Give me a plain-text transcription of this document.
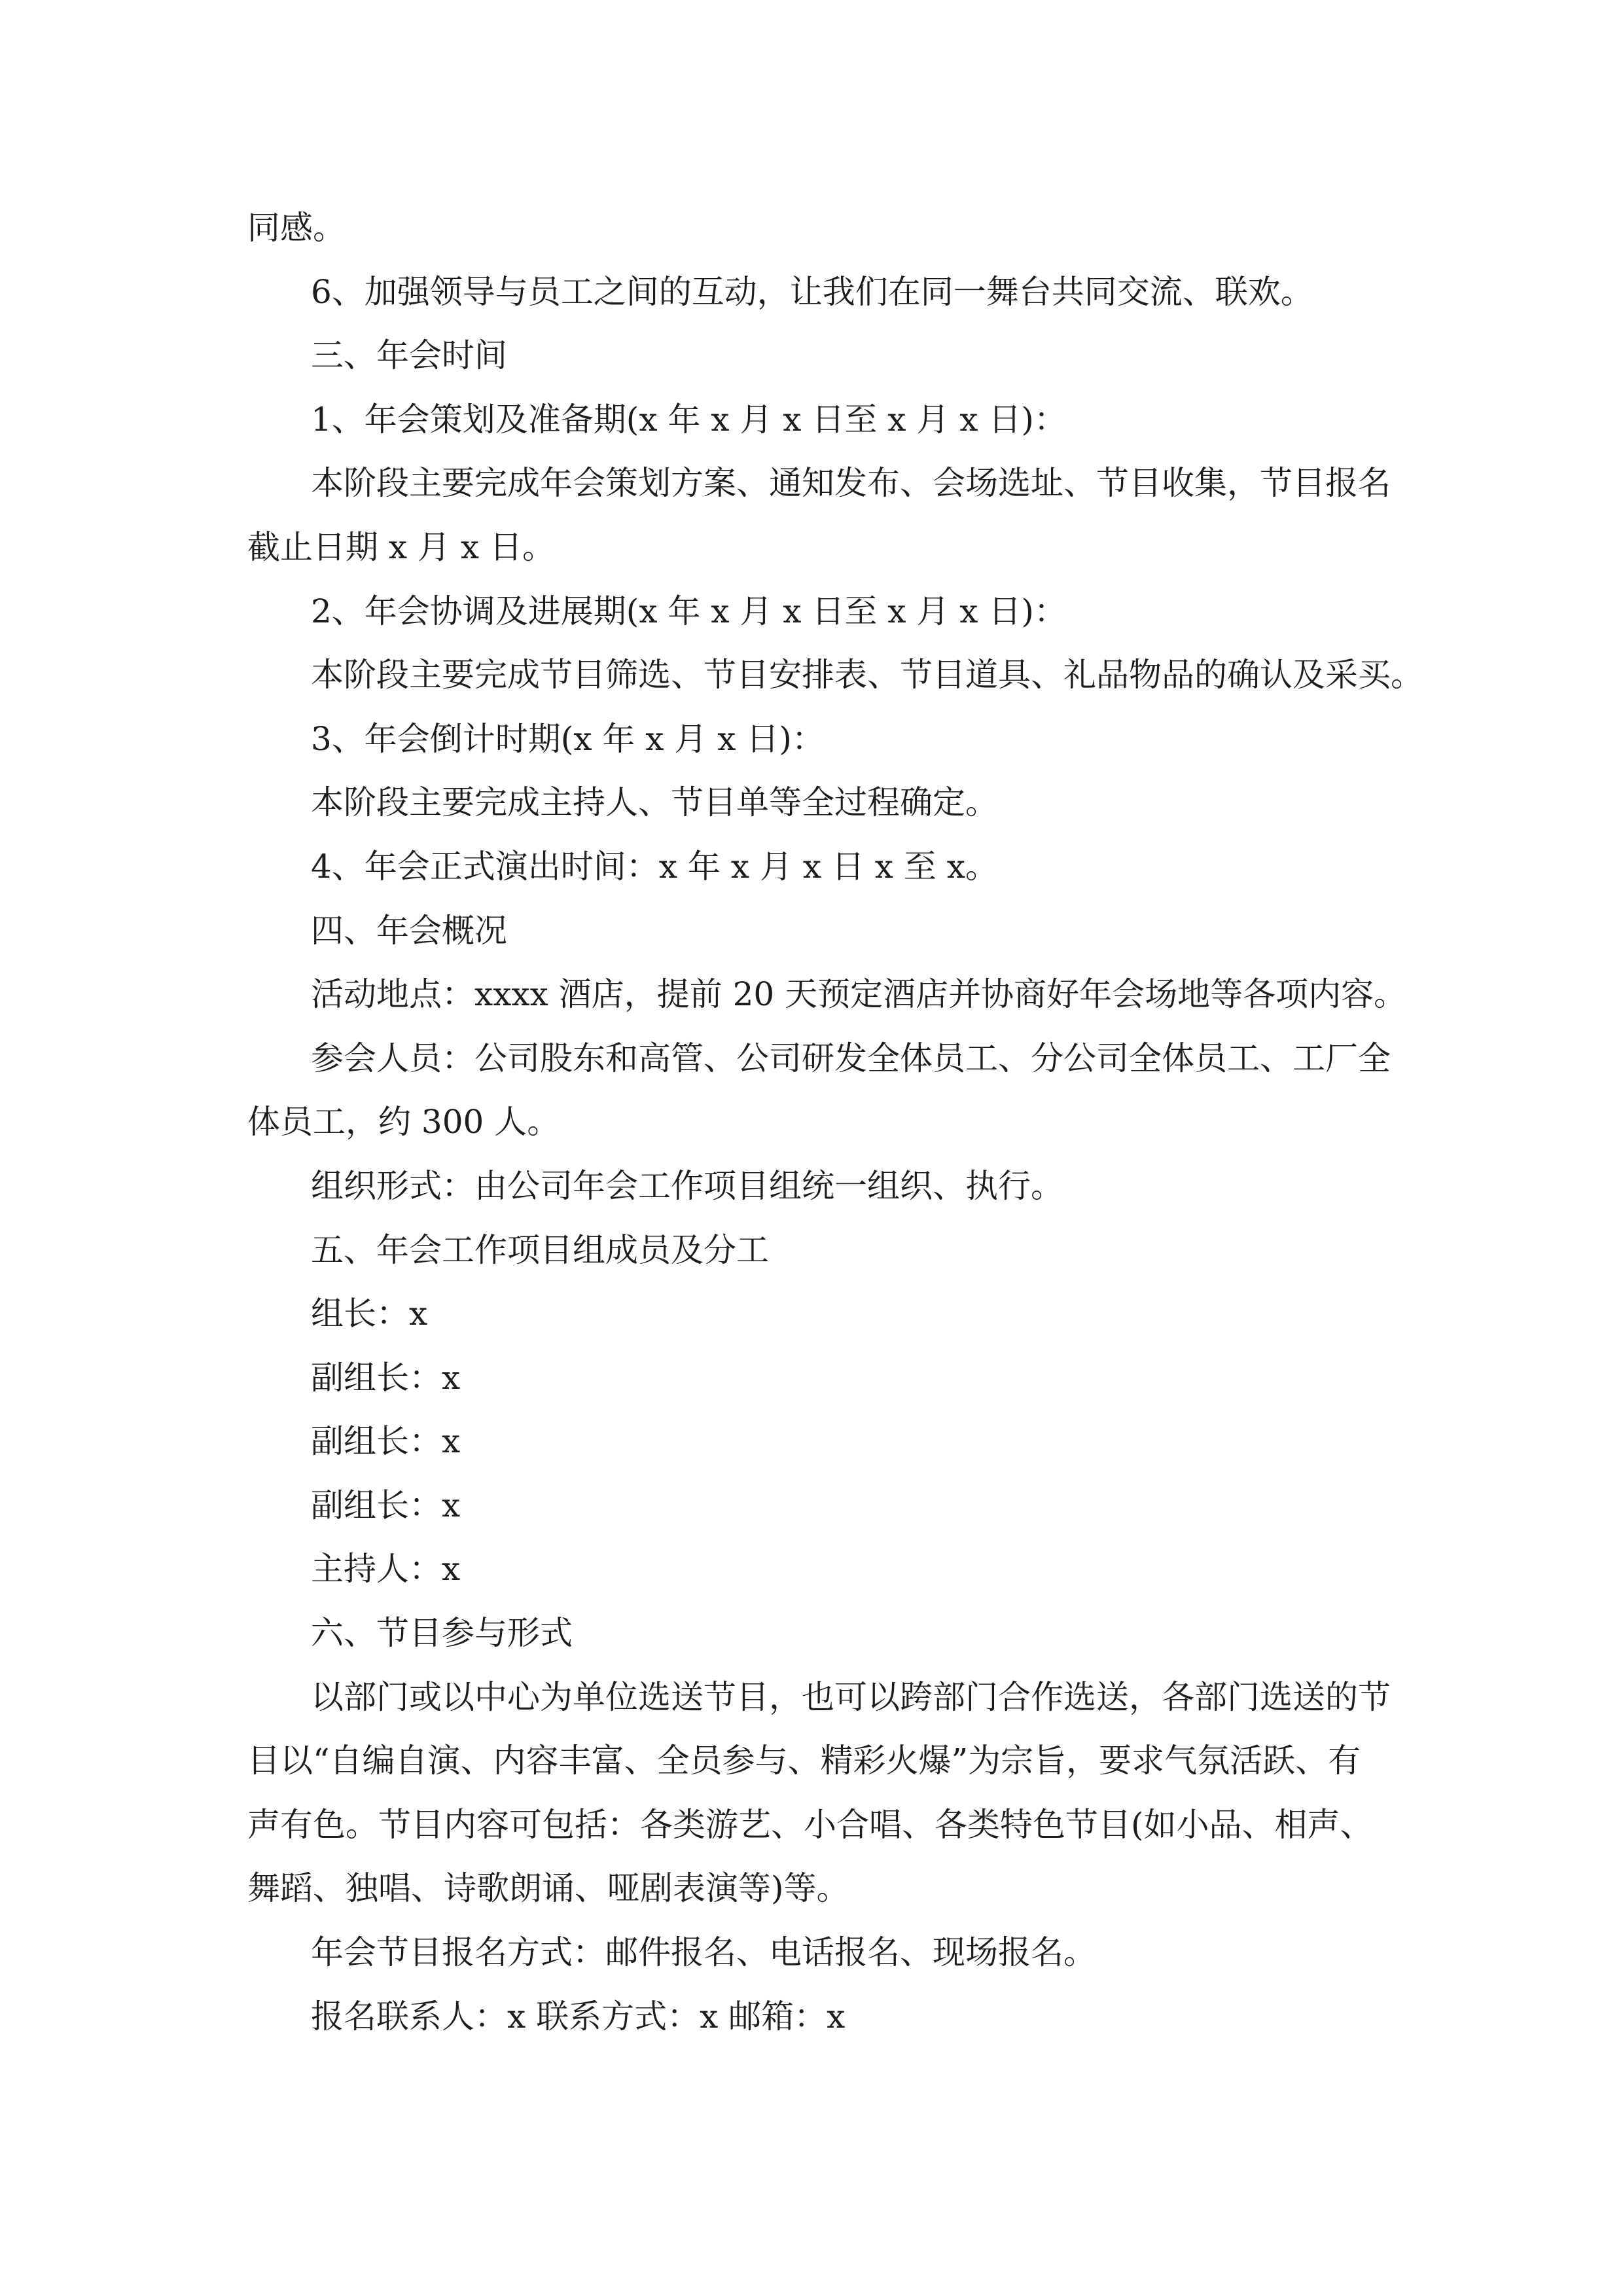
同感。

6、加强领导与员工之间的互动，让我们在同一舞台共同交流、联欢。

三、年会时间

1、年会策划及准备期(x 年 x 月 x 日至 x 月 x 日)：

本阶段主要完成年会策划方案、通知发布、会场选址、节目收集，节目报名

截止日期 x 月 x 日。

2、年会协调及进展期(x 年 x 月 x 日至 x 月 x 日)：

本阶段主要完成节目筛选、节目安排表、节目道具、礼品物品的确认及采买。

3、年会倒计时期(x 年 x 月 x 日)：

本阶段主要完成主持人、节目单等全过程确定。

4、年会正式演出时间：x 年 x 月 x 日 x 至 x。

四、年会概况

活动地点：xxxx 酒店，提前 20 天预定酒店并协商好年会场地等各项内容。

参会人员：公司股东和高管、公司研发全体员工、分公司全体员工、工厂全

体员工，约 300 人。

组织形式：由公司年会工作项目组统一组织、执行。

五、年会工作项目组成员及分工

组长：x

副组长：x

副组长：x

副组长：x

主持人：x

六、节目参与形式

以部门或以中心为单位选送节目，也可以跨部门合作选送，各部门选送的节

目以“自编自演、内容丰富、全员参与、精彩火爆”为宗旨，要求气氛活跃、有

声有色。节目内容可包括：各类游艺、小合唱、各类特色节目(如小品、相声、

舞蹈、独唱、诗歌朗诵、哑剧表演等)等。

年会节目报名方式：邮件报名、电话报名、现场报名。

报名联系人：x 联系方式：x 邮箱：x
